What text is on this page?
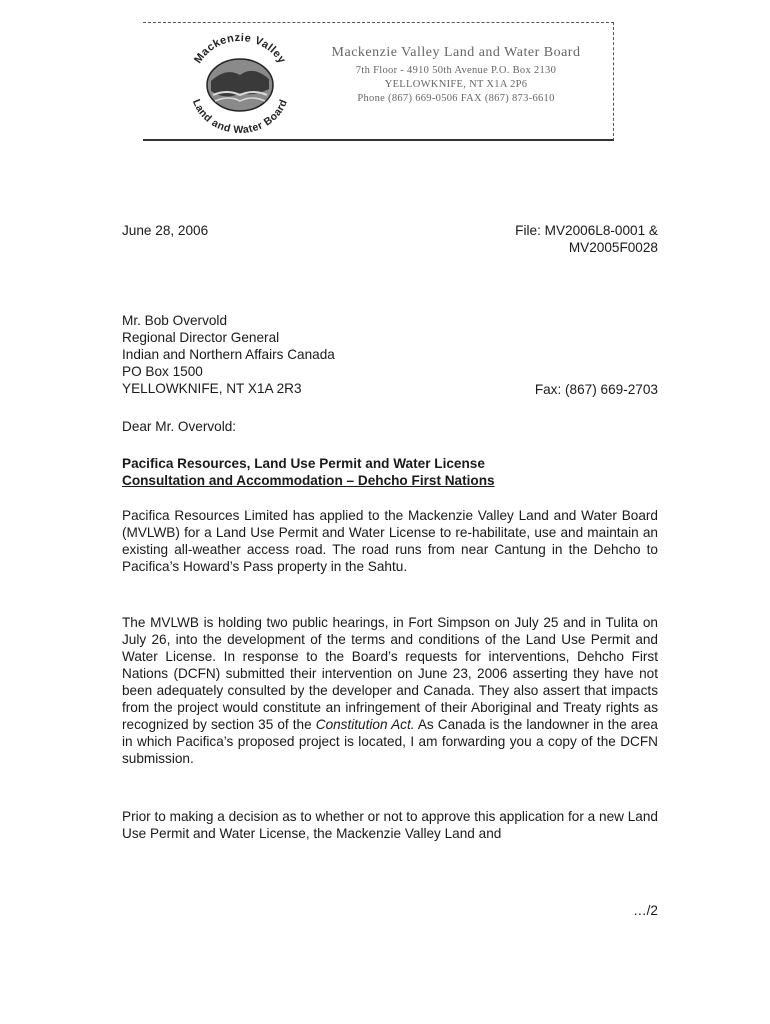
Mackenzie Valley
Land and Water Board
Mackenzie Valley Land and Water Board
7th Floor - 4910 50th Avenue P.O. Box 2130
YELLOWKNIFE, NT X1A 2P6
Phone (867) 669-0506 FAX (867) 873-6610
June 28, 2006	File: MV2006L8-0001 &
MV2005F0028
Mr. Bob Overvold
Regional Director General
Indian and Northern Affairs Canada
PO Box 1500
YELLOWKNIFE, NT X1A 2R3	Fax: (867) 669-2703
Dear Mr. Overvold:
Pacifica Resources, Land Use Permit and Water License
Consultation and Accommodation – Dehcho First Nations
Pacifica Resources Limited has applied to the Mackenzie Valley Land and Water Board (MVLWB) for a Land Use Permit and Water License to re-habilitate, use and maintain an existing all-weather access road. The road runs from near Cantung in the Dehcho to Pacifica’s Howard’s Pass property in the Sahtu.
The MVLWB is holding two public hearings, in Fort Simpson on July 25 and in Tulita on July 26, into the development of the terms and conditions of the Land Use Permit and Water License. In response to the Board’s requests for interventions, Dehcho First Nations (DCFN) submitted their intervention on June 23, 2006 asserting they have not been adequately consulted by the developer and Canada. They also assert that impacts from the project would constitute an infringement of their Aboriginal and Treaty rights as recognized by section 35 of the Constitution Act. As Canada is the landowner in the area in which Pacifica’s proposed project is located, I am forwarding you a copy of the DCFN submission.
Prior to making a decision as to whether or not to approve this application for a new Land Use Permit and Water License, the Mackenzie Valley Land and
…/2
